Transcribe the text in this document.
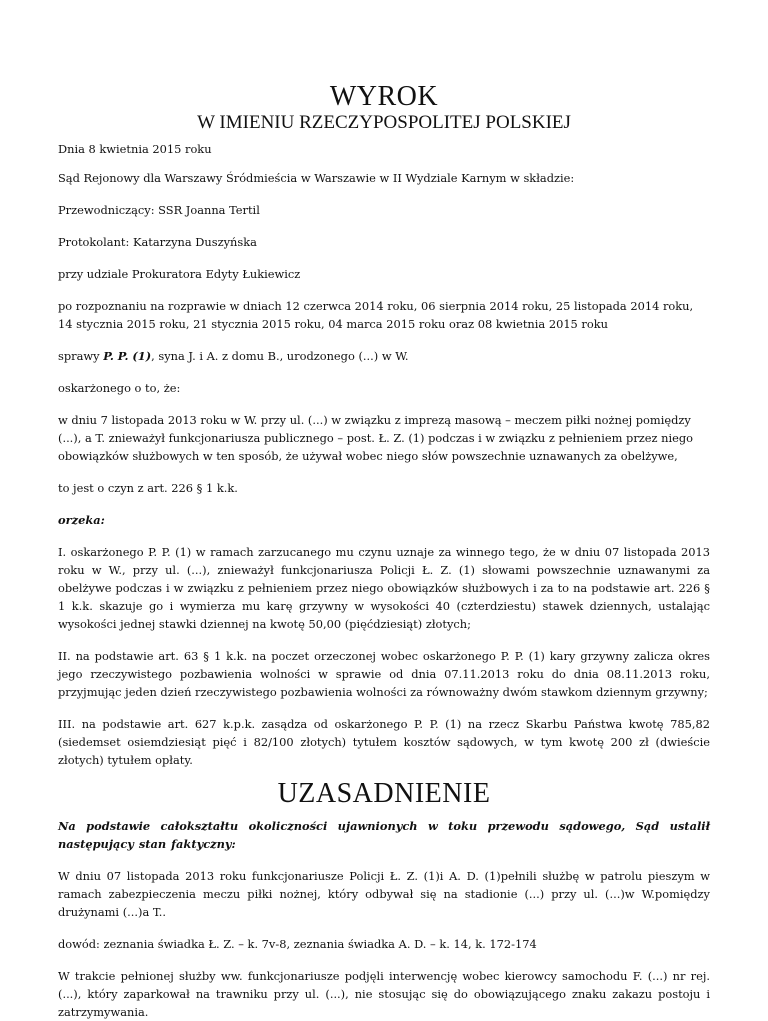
WYROK
W IMIENIU RZECZYPOSPOLITEJ POLSKIEJ

Dnia 8 kwietnia 2015 roku

Sąd Rejonowy dla Warszawy Śródmieścia w Warszawie w II Wydziale Karnym w składzie:

Przewodniczący: SSR Joanna Tertil

Protokolant: Katarzyna Duszyńska

przy udziale Prokuratora Edyty Łukiewicz

po rozpoznaniu na rozprawie w dniach 12 czerwca 2014 roku, 06 sierpnia 2014 roku, 25 listopada 2014 roku, 14 stycznia 2015 roku, 21 stycznia 2015 roku, 04 marca 2015 roku oraz 08 kwietnia 2015 roku

sprawy P. P. (1), syna J. i A. z domu B., urodzonego (...) w W.

oskarżonego o to, że:

w dniu 7 listopada 2013 roku w W. przy ul. (...) w związku z imprezą masową – meczem piłki nożnej pomiędzy (...), a T. znieważył funkcjonariusza publicznego – post. Ł. Z. (1) podczas i w związku z pełnieniem przez niego obowiązków służbowych w ten sposób, że używał wobec niego słów powszechnie uznawanych za obelżywe,

to jest o czyn z art. 226 § 1 k.k.

orzeka:

I. oskarżonego P. P. (1) w ramach zarzucanego mu czynu uznaje za winnego tego, że w dniu 07 listopada 2013 roku w W., przy ul. (...), znieważył funkcjonariusza Policji Ł. Z. (1) słowami powszechnie uznawanymi za obelżywe podczas i w związku z pełnieniem przez niego obowiązków służbowych i za to na podstawie art. 226 § 1 k.k. skazuje go i wymierza mu karę grzywny w wysokości 40 (czterdziestu) stawek dziennych, ustalając wysokości jednej stawki dziennej na kwotę 50,00 (pięćdziesiąt) złotych;

II. na podstawie art. 63 § 1 k.k. na poczet orzeczonej wobec oskarżonego P. P. (1) kary grzywny zalicza okres jego rzeczywistego pozbawienia wolności w sprawie od dnia 07.11.2013 roku do dnia 08.11.2013 roku, przyjmując jeden dzień rzeczywistego pozbawienia wolności za równoważny dwóm stawkom dziennym grzywny;

III. na podstawie art. 627 k.p.k. zasądza od oskarżonego P. P. (1) na rzecz Skarbu Państwa kwotę 785,82 (siedemset osiemdziesiąt pięć i 82/100 złotych) tytułem kosztów sądowych, w tym kwotę 200 zł (dwieście złotych) tytułem opłaty.

UZASADNIENIE

Na podstawie całokształtu okoliczności ujawnionych w toku przewodu sądowego, Sąd ustalił następujący stan faktyczny:

W dniu 07 listopada 2013 roku funkcjonariusze Policji Ł. Z. (1)i A. D. (1)pełnili służbę w patrolu pieszym w ramach zabezpieczenia meczu piłki nożnej, który odbywał się na stadionie (...) przy ul. (...)w W.pomiędzy drużynami (...)a T..

dowód: zeznania świadka Ł. Z. – k. 7v-8, zeznania świadka A. D. – k. 14, k. 172-174

W trakcie pełnionej służby ww. funkcjonariusze podjęli interwencję wobec kierowcy samochodu F. (...) nr rej. (...), który zaparkował na trawniku przy ul. (...), nie stosując się do obowiązującego znaku zakazu postoju i zatrzymywania.
